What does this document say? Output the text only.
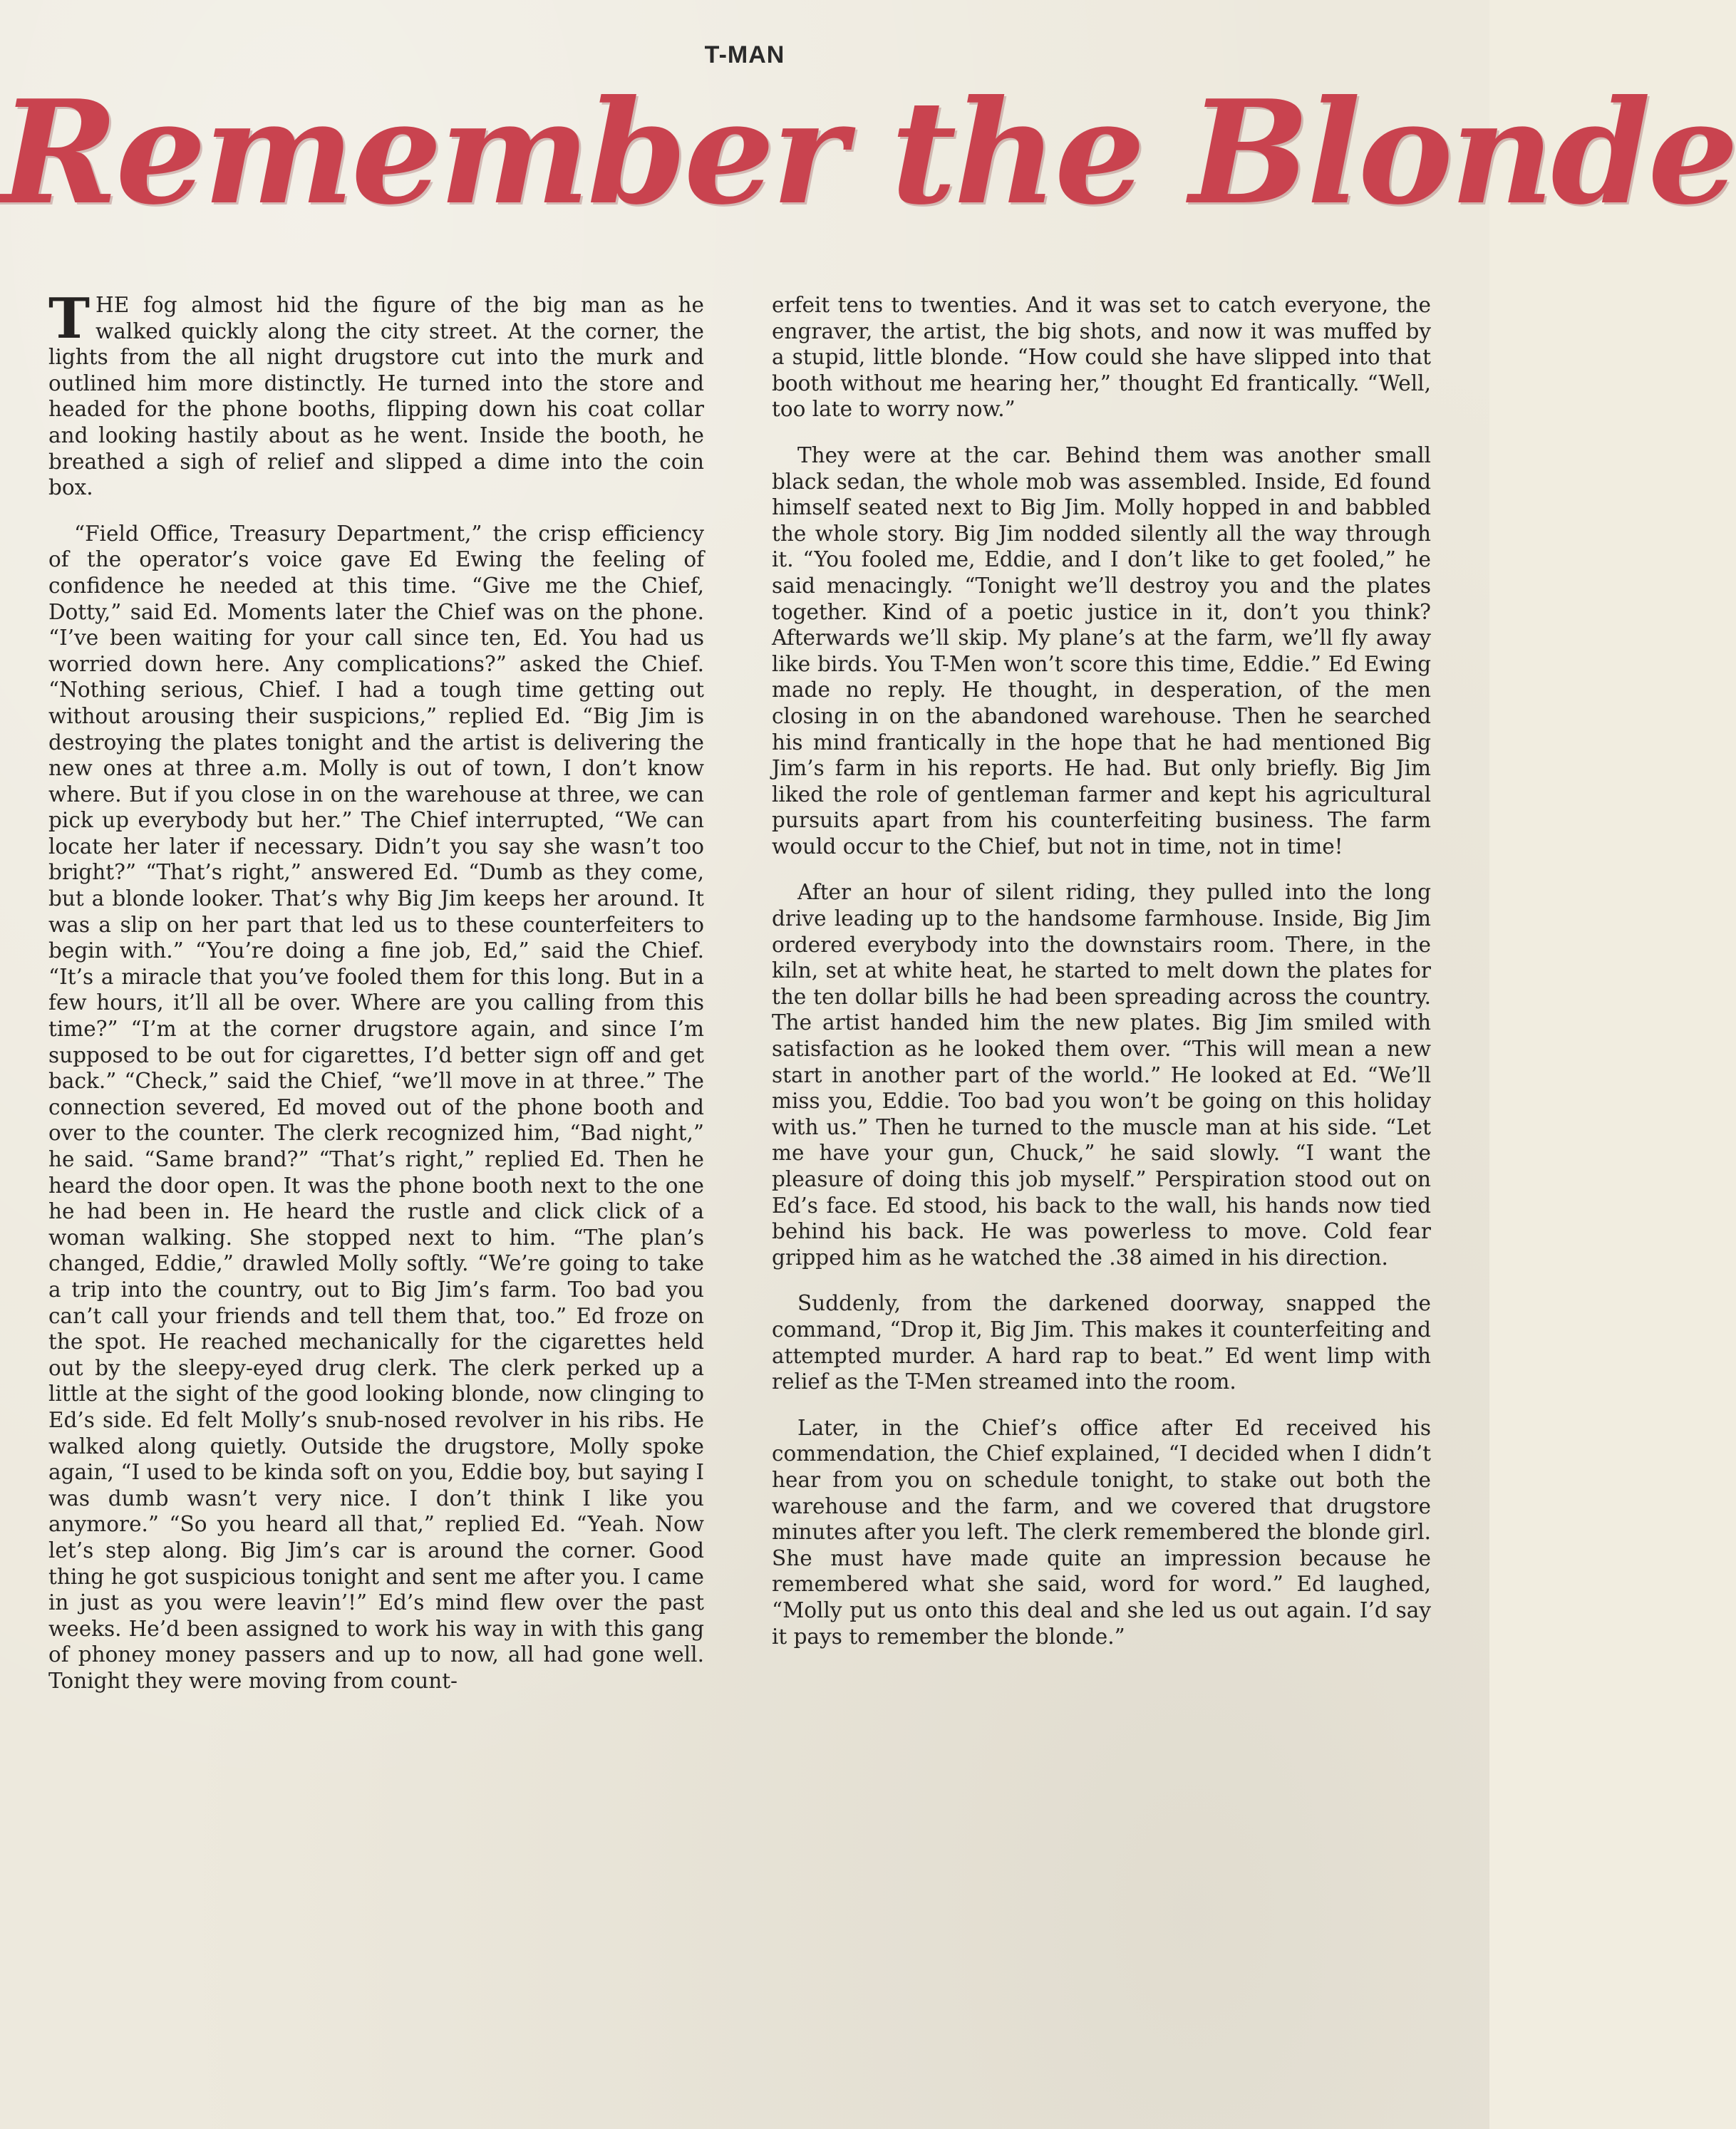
T-MAN
Remember the Blonde

THE fog almost hid the figure of the big man as he walked quickly along the city street. At the corner, the lights from the all night drugstore cut into the murk and outlined him more distinctly. He turned into the store and headed for the phone booths, flipping down his coat collar and looking hastily about as he went. Inside the booth, he breathed a sigh of relief and slipped a dime into the coin box.

“Field Office, Treasury Department,” the crisp efficiency of the operator’s voice gave Ed Ewing the feeling of confidence he needed at this time. “Give me the Chief, Dotty,” said Ed. Moments later the Chief was on the phone. “I’ve been waiting for your call since ten, Ed. You had us worried down here. Any complications?” asked the Chief. “Nothing serious, Chief. I had a tough time getting out without arousing their suspicions,” replied Ed. “Big Jim is destroying the plates tonight and the artist is delivering the new ones at three a.m. Molly is out of town, I don’t know where. But if you close in on the warehouse at three, we can pick up everybody but her.” The Chief interrupted, “We can locate her later if necessary. Didn’t you say she wasn’t too bright?” “That’s right,” answered Ed. “Dumb as they come, but a blonde looker. That’s why Big Jim keeps her around. It was a slip on her part that led us to these counterfeiters to begin with.” “You’re doing a fine job, Ed,” said the Chief. “It’s a miracle that you’ve fooled them for this long. But in a few hours, it’ll all be over. Where are you calling from this time?” “I’m at the corner drugstore again, and since I’m supposed to be out for cigarettes, I’d better sign off and get back.” “Check,” said the Chief, “we’ll move in at three.” The connection severed, Ed moved out of the phone booth and over to the counter. The clerk recognized him, “Bad night,” he said. “Same brand?” “That’s right,” replied Ed. Then he heard the door open. It was the phone booth next to the one he had been in. He heard the rustle and click click of a woman walking. She stopped next to him. “The plan’s changed, Eddie,” drawled Molly softly. “We’re going to take a trip into the country, out to Big Jim’s farm. Too bad you can’t call your friends and tell them that, too.” Ed froze on the spot. He reached mechanically for the cigarettes held out by the sleepy-eyed drug clerk. The clerk perked up a little at the sight of the good looking blonde, now clinging to Ed’s side. Ed felt Molly’s snub-nosed revolver in his ribs. He walked along quietly. Outside the drugstore, Molly spoke again, “I used to be kinda soft on you, Eddie boy, but saying I was dumb wasn’t very nice. I don’t think I like you anymore.” “So you heard all that,” replied Ed. “Yeah. Now let’s step along. Big Jim’s car is around the corner. Good thing he got suspicious tonight and sent me after you. I came in just as you were leavin’!” Ed’s mind flew over the past weeks. He’d been assigned to work his way in with this gang of phoney money passers and up to now, all had gone well. Tonight they were moving from count-

erfeit tens to twenties. And it was set to catch everyone, the engraver, the artist, the big shots, and now it was muffed by a stupid, little blonde. “How could she have slipped into that booth without me hearing her,” thought Ed frantically. “Well, too late to worry now.”

They were at the car. Behind them was another small black sedan, the whole mob was assembled. Inside, Ed found himself seated next to Big Jim. Molly hopped in and babbled the whole story. Big Jim nodded silently all the way through it. “You fooled me, Eddie, and I don’t like to get fooled,” he said menacingly. “Tonight we’ll destroy you and the plates together. Kind of a poetic justice in it, don’t you think? Afterwards we’ll skip. My plane’s at the farm, we’ll fly away like birds. You T-Men won’t score this time, Eddie.” Ed Ewing made no reply. He thought, in desperation, of the men closing in on the abandoned warehouse. Then he searched his mind frantically in the hope that he had mentioned Big Jim’s farm in his reports. He had. But only briefly. Big Jim liked the role of gentleman farmer and kept his agricultural pursuits apart from his counterfeiting business. The farm would occur to the Chief, but not in time, not in time!

After an hour of silent riding, they pulled into the long drive leading up to the handsome farmhouse. Inside, Big Jim ordered everybody into the downstairs room. There, in the kiln, set at white heat, he started to melt down the plates for the ten dollar bills he had been spreading across the country. The artist handed him the new plates. Big Jim smiled with satisfaction as he looked them over. “This will mean a new start in another part of the world.” He looked at Ed. “We’ll miss you, Eddie. Too bad you won’t be going on this holiday with us.” Then he turned to the muscle man at his side. “Let me have your gun, Chuck,” he said slowly. “I want the pleasure of doing this job myself.” Perspiration stood out on Ed’s face. Ed stood, his back to the wall, his hands now tied behind his back. He was powerless to move. Cold fear gripped him as he watched the .38 aimed in his direction.

Suddenly, from the darkened doorway, snapped the command, “Drop it, Big Jim. This makes it counterfeiting and attempted murder. A hard rap to beat.” Ed went limp with relief as the T-Men streamed into the room.

Later, in the Chief’s office after Ed received his commendation, the Chief explained, “I decided when I didn’t hear from you on schedule tonight, to stake out both the warehouse and the farm, and we covered that drugstore minutes after you left. The clerk remembered the blonde girl. She must have made quite an impression because he remembered what she said, word for word.” Ed laughed, “Molly put us onto this deal and she led us out again. I’d say it pays to remember the blonde.”
